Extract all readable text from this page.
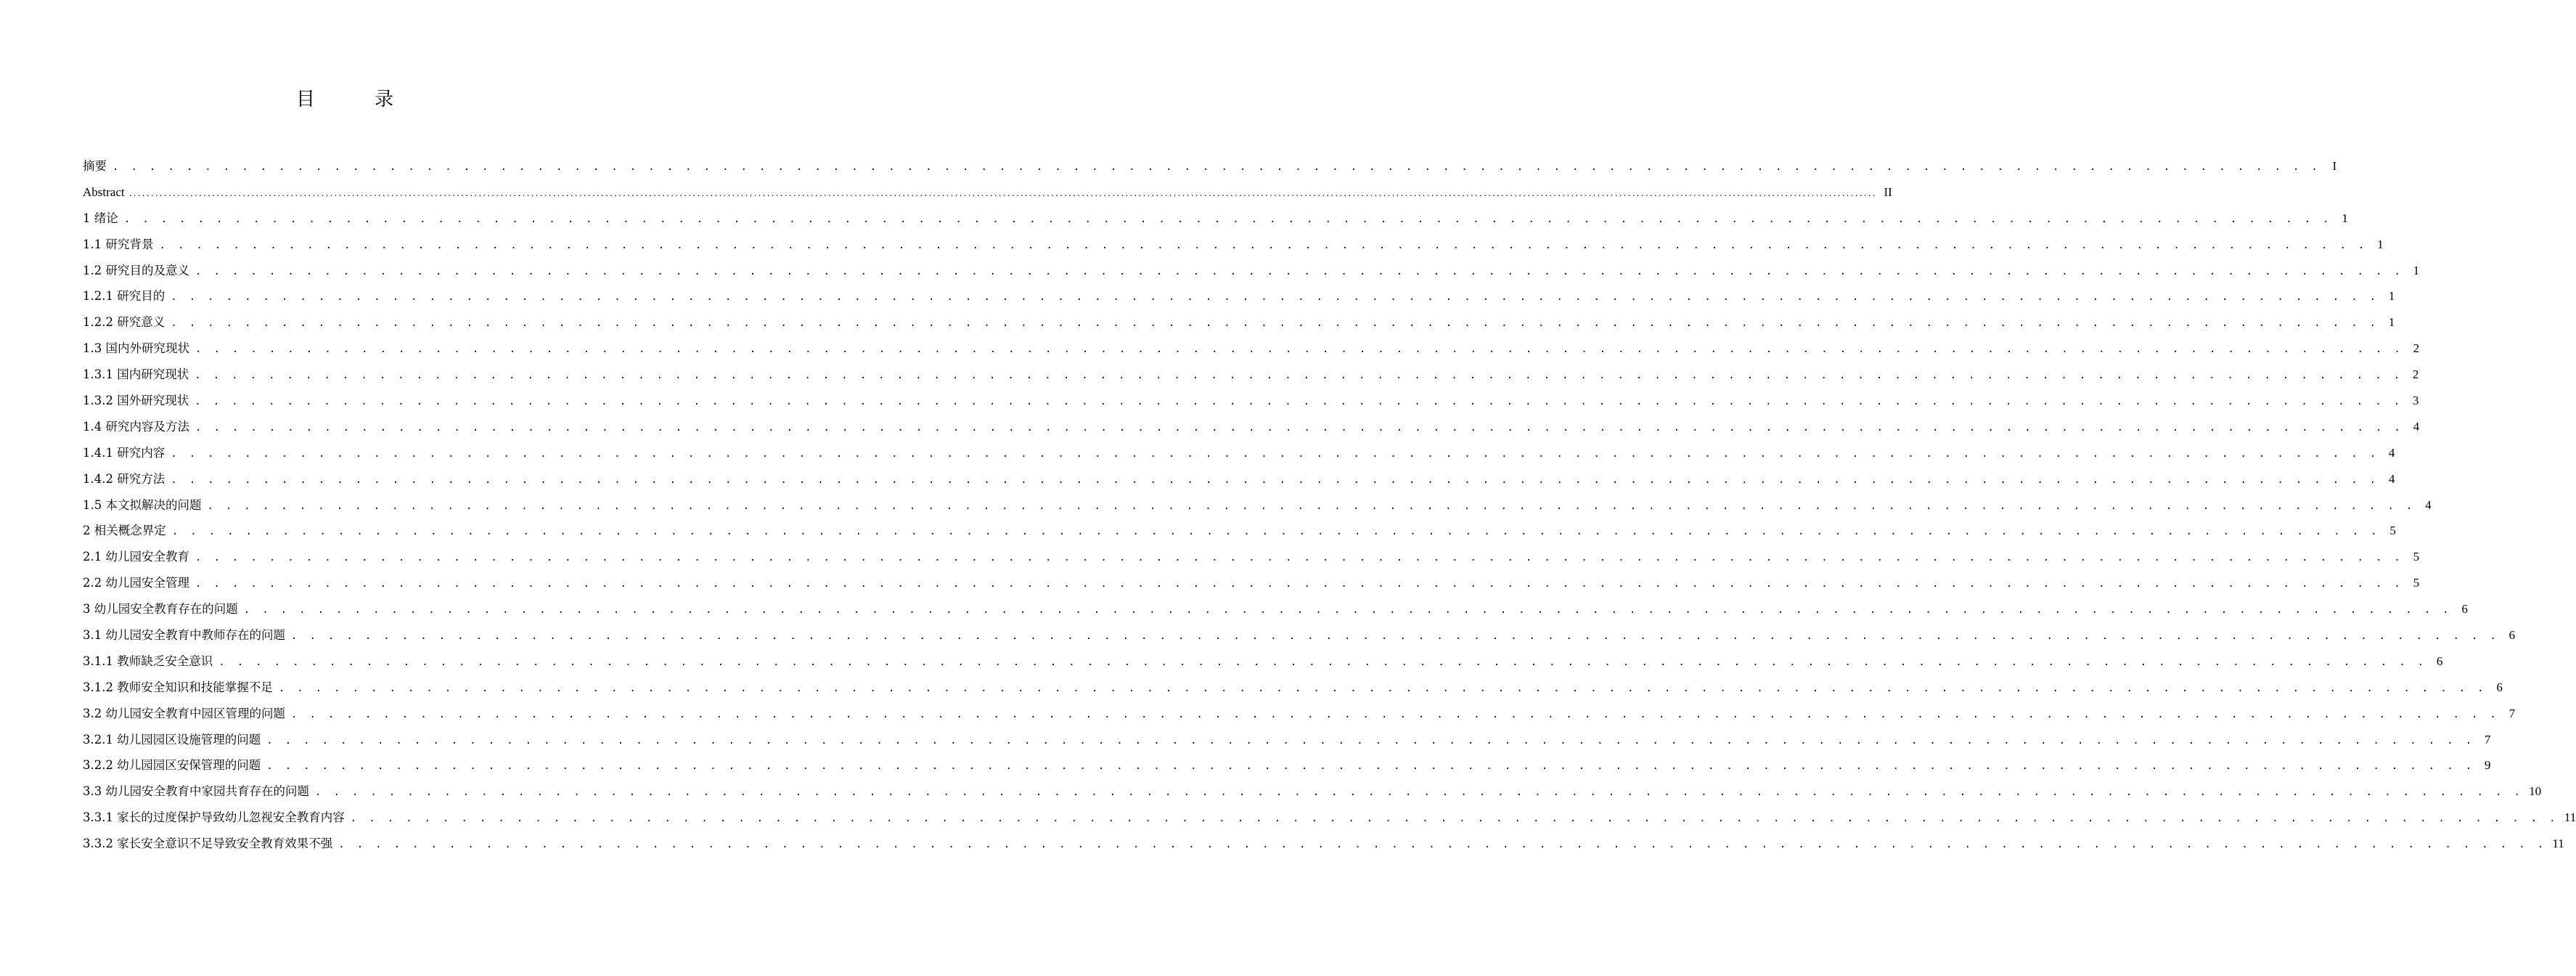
目　录
摘要 . . . . . . . . . . . . . . . . . . . . . . . . . . . . . . . . . . . . . . . . . . . . . . . . . . . . . . . . . . . . . . . . . . . . . . . . . . . . . . . . . . . . . . . . . . . . . . . . . . . . . . . . . . . . . . . . . . . . . . . . I
Abstract ................................................................................................................................................................................................................................................................................................................................................................................................................ II
1 绪论 . . . . . . . . . . . . . . . . . . . . . . . . . . . . . . . . . . . . . . . . . . . . . . . . . . . . . . . . . . . . . . . . . . . . . . . . . . . . . . . . . . . . . . . . . . . . . . . . . . . . . . . . . . . . . . . . . . . . . . . . 1
1.1 研究背景 . . . . . . . . . . . . . . . . . . . . . . . . . . . . . . . . . . . . . . . . . . . . . . . . . . . . . . . . . . . . . . . . . . . . . . . . . . . . . . . . . . . . . . . . . . . . . . . . . . . . . . . . . . . . . . . . . . . . . . . . 1
1.2 研究目的及意义 . . . . . . . . . . . . . . . . . . . . . . . . . . . . . . . . . . . . . . . . . . . . . . . . . . . . . . . . . . . . . . . . . . . . . . . . . . . . . . . . . . . . . . . . . . . . . . . . . . . . . . . . . . . . . . . . . . . . . . . . 1
1.2.1 研究目的 . . . . . . . . . . . . . . . . . . . . . . . . . . . . . . . . . . . . . . . . . . . . . . . . . . . . . . . . . . . . . . . . . . . . . . . . . . . . . . . . . . . . . . . . . . . . . . . . . . . . . . . . . . . . . . . . . . . . . . . . 1
1.2.2 研究意义 . . . . . . . . . . . . . . . . . . . . . . . . . . . . . . . . . . . . . . . . . . . . . . . . . . . . . . . . . . . . . . . . . . . . . . . . . . . . . . . . . . . . . . . . . . . . . . . . . . . . . . . . . . . . . . . . . . . . . . . . 1
1.3 国内外研究现状 . . . . . . . . . . . . . . . . . . . . . . . . . . . . . . . . . . . . . . . . . . . . . . . . . . . . . . . . . . . . . . . . . . . . . . . . . . . . . . . . . . . . . . . . . . . . . . . . . . . . . . . . . . . . . . . . . . . . . . . . 2
1.3.1 国内研究现状 . . . . . . . . . . . . . . . . . . . . . . . . . . . . . . . . . . . . . . . . . . . . . . . . . . . . . . . . . . . . . . . . . . . . . . . . . . . . . . . . . . . . . . . . . . . . . . . . . . . . . . . . . . . . . . . . . . . . . . . . 2
1.3.2 国外研究现状 . . . . . . . . . . . . . . . . . . . . . . . . . . . . . . . . . . . . . . . . . . . . . . . . . . . . . . . . . . . . . . . . . . . . . . . . . . . . . . . . . . . . . . . . . . . . . . . . . . . . . . . . . . . . . . . . . . . . . . . . 3
1.4 研究内容及方法 . . . . . . . . . . . . . . . . . . . . . . . . . . . . . . . . . . . . . . . . . . . . . . . . . . . . . . . . . . . . . . . . . . . . . . . . . . . . . . . . . . . . . . . . . . . . . . . . . . . . . . . . . . . . . . . . . . . . . . . . 4
1.4.1 研究内容 . . . . . . . . . . . . . . . . . . . . . . . . . . . . . . . . . . . . . . . . . . . . . . . . . . . . . . . . . . . . . . . . . . . . . . . . . . . . . . . . . . . . . . . . . . . . . . . . . . . . . . . . . . . . . . . . . . . . . . . . 4
1.4.2 研究方法 . . . . . . . . . . . . . . . . . . . . . . . . . . . . . . . . . . . . . . . . . . . . . . . . . . . . . . . . . . . . . . . . . . . . . . . . . . . . . . . . . . . . . . . . . . . . . . . . . . . . . . . . . . . . . . . . . . . . . . . . 4
1.5 本文拟解决的问题 . . . . . . . . . . . . . . . . . . . . . . . . . . . . . . . . . . . . . . . . . . . . . . . . . . . . . . . . . . . . . . . . . . . . . . . . . . . . . . . . . . . . . . . . . . . . . . . . . . . . . . . . . . . . . . . . . . . . . . . . 4
2 相关概念界定 . . . . . . . . . . . . . . . . . . . . . . . . . . . . . . . . . . . . . . . . . . . . . . . . . . . . . . . . . . . . . . . . . . . . . . . . . . . . . . . . . . . . . . . . . . . . . . . . . . . . . . . . . . . . . . . . . . . . . . . . 5
2.1 幼儿园安全教育 . . . . . . . . . . . . . . . . . . . . . . . . . . . . . . . . . . . . . . . . . . . . . . . . . . . . . . . . . . . . . . . . . . . . . . . . . . . . . . . . . . . . . . . . . . . . . . . . . . . . . . . . . . . . . . . . . . . . . . . . 5
2.2 幼儿园安全管理 . . . . . . . . . . . . . . . . . . . . . . . . . . . . . . . . . . . . . . . . . . . . . . . . . . . . . . . . . . . . . . . . . . . . . . . . . . . . . . . . . . . . . . . . . . . . . . . . . . . . . . . . . . . . . . . . . . . . . . . . 5
3 幼儿园安全教育存在的问题 . . . . . . . . . . . . . . . . . . . . . . . . . . . . . . . . . . . . . . . . . . . . . . . . . . . . . . . . . . . . . . . . . . . . . . . . . . . . . . . . . . . . . . . . . . . . . . . . . . . . . . . . . . . . . . . . . . . . . . . . 6
3.1 幼儿园安全教育中教师存在的问题 . . . . . . . . . . . . . . . . . . . . . . . . . . . . . . . . . . . . . . . . . . . . . . . . . . . . . . . . . . . . . . . . . . . . . . . . . . . . . . . . . . . . . . . . . . . . . . . . . . . . . . . . . . . . . . . . . . . . . . . . 6
3.1.1 教师缺乏安全意识 . . . . . . . . . . . . . . . . . . . . . . . . . . . . . . . . . . . . . . . . . . . . . . . . . . . . . . . . . . . . . . . . . . . . . . . . . . . . . . . . . . . . . . . . . . . . . . . . . . . . . . . . . . . . . . . . . . . . . . . . 6
3.1.2 教师安全知识和技能掌握不足 . . . . . . . . . . . . . . . . . . . . . . . . . . . . . . . . . . . . . . . . . . . . . . . . . . . . . . . . . . . . . . . . . . . . . . . . . . . . . . . . . . . . . . . . . . . . . . . . . . . . . . . . . . . . . . . . . . . . . . . . 6
3.2 幼儿园安全教育中园区管理的问题 . . . . . . . . . . . . . . . . . . . . . . . . . . . . . . . . . . . . . . . . . . . . . . . . . . . . . . . . . . . . . . . . . . . . . . . . . . . . . . . . . . . . . . . . . . . . . . . . . . . . . . . . . . . . . . . . . . . . . . . . 7
3.2.1 幼儿园园区设施管理的问题 . . . . . . . . . . . . . . . . . . . . . . . . . . . . . . . . . . . . . . . . . . . . . . . . . . . . . . . . . . . . . . . . . . . . . . . . . . . . . . . . . . . . . . . . . . . . . . . . . . . . . . . . . . . . . . . . . . . . . . . . 7
3.2.2 幼儿园园区安保管理的问题 . . . . . . . . . . . . . . . . . . . . . . . . . . . . . . . . . . . . . . . . . . . . . . . . . . . . . . . . . . . . . . . . . . . . . . . . . . . . . . . . . . . . . . . . . . . . . . . . . . . . . . . . . . . . . . . . . . . . . . . . 9
3.3 幼儿园安全教育中家园共育存在的问题 . . . . . . . . . . . . . . . . . . . . . . . . . . . . . . . . . . . . . . . . . . . . . . . . . . . . . . . . . . . . . . . . . . . . . . . . . . . . . . . . . . . . . . . . . . . . . . . . . . . . . . . . . . . . . . . . . . . . . . . . 10
3.3.1 家长的过度保护导致幼儿忽视安全教育内容 . . . . . . . . . . . . . . . . . . . . . . . . . . . . . . . . . . . . . . . . . . . . . . . . . . . . . . . . . . . . . . . . . . . . . . . . . . . . . . . . . . . . . . . . . . . . . . . . . . . . . . . . . . . . . . . . . . . . . . . . 11
3.3.2 家长安全意识不足导致安全教育效果不强 . . . . . . . . . . . . . . . . . . . . . . . . . . . . . . . . . . . . . . . . . . . . . . . . . . . . . . . . . . . . . . . . . . . . . . . . . . . . . . . . . . . . . . . . . . . . . . . . . . . . . . . . . . . . . . . . . . . . . . . . 11
